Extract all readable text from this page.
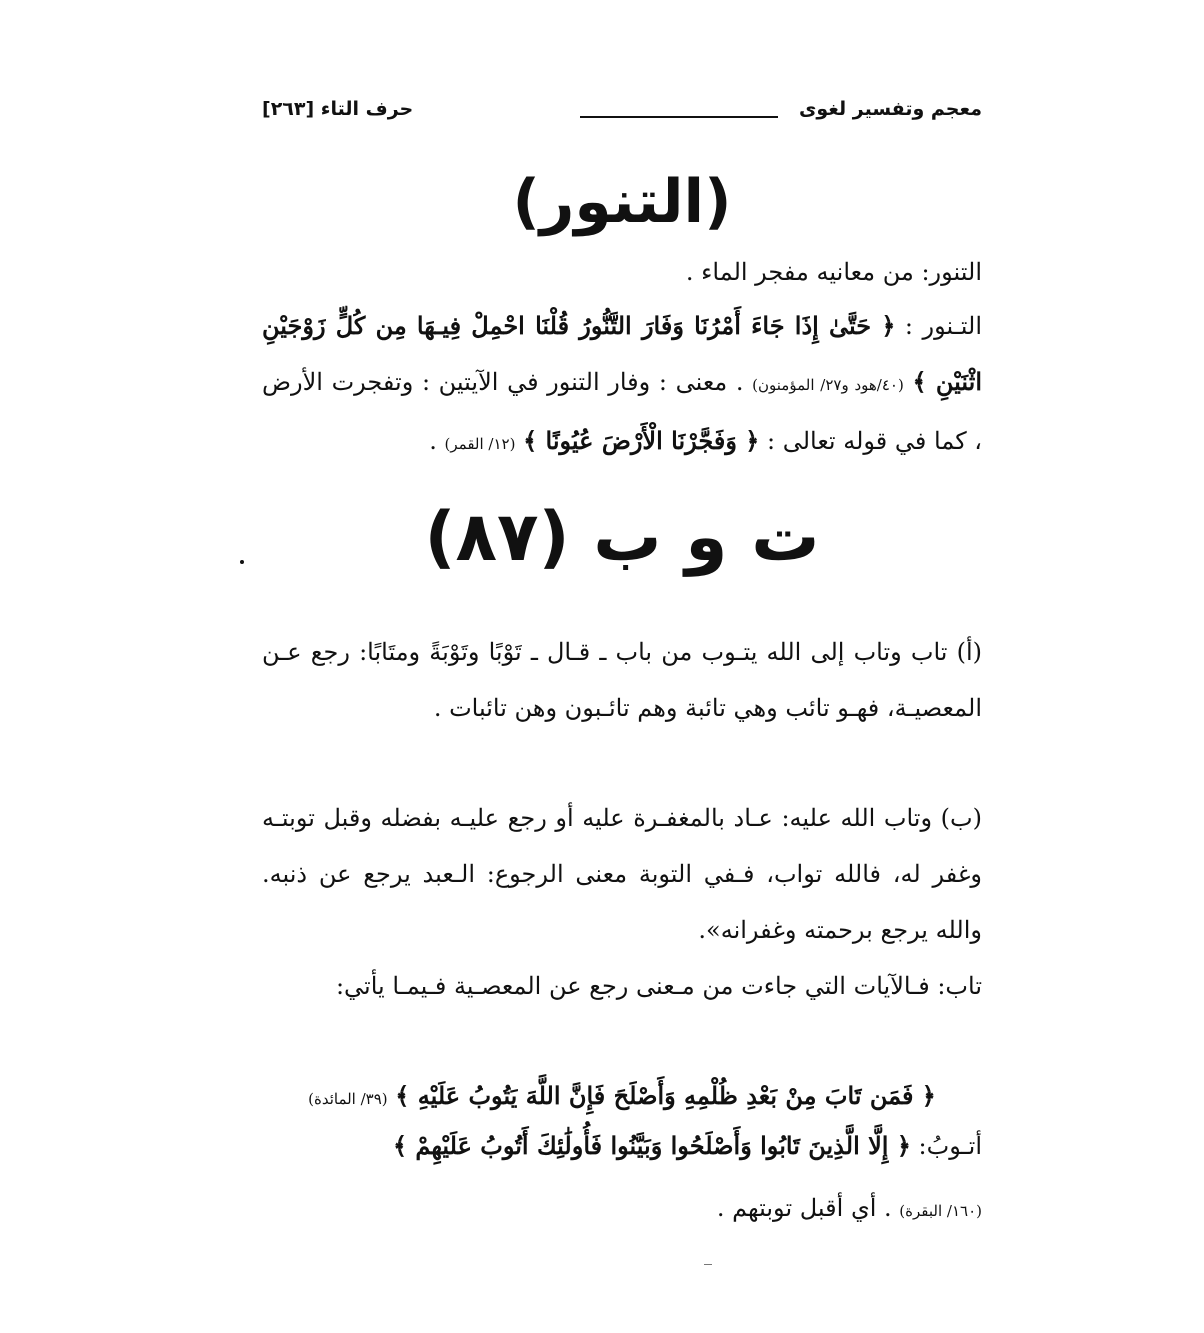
معجم وتفسير لغوى
حرف التاء [٢٦٣]
(التنور)
التنور: من معانيه مفجر الماء .
التـنور : ﴿ حَتَّىٰ إِذَا جَاءَ أَمْرُنَا وَفَارَ التَّنُّورُ قُلْنَا احْمِلْ فِيـهَا مِن كُلٍّ زَوْجَيْنِ اثْنَيْنِ ﴾ (٤٠/هود و٢٧/ المؤمنون) . معنى : وفار التنور في الآيتين : وتفجرت الأرض ، كما في قوله تعالى : ﴿ وَفَجَّرْنَا الْأَرْضَ عُيُونًا ﴾ (١٢/ القمر) .
ت و ب (٨٧)
(أ) تاب وتاب إلى الله يتـوب من باب ـ قـال ـ تَوْبًا وتَوْبَةً ومتَابًا: رجع عـن المعصيـة، فهـو تائب وهي تائبة وهم تائـبون وهن تائبات .
(ب) وتاب الله عليه: عـاد بالمغفـرة عليه أو رجع عليـه بفضله وقبل توبتـه وغفر له، فالله تواب، فـفي التوبة معنى الرجوع: الـعبد يرجع عن ذنبه. والله يرجع برحمته وغفرانه».
تاب: فـالآيات التي جاءت من مـعنى رجع عن المعصـية فـيمـا يأتي:
﴿ فَمَن تَابَ مِنْ بَعْدِ ظُلْمِهِ وَأَصْلَحَ فَإِنَّ اللَّهَ يَتُوبُ عَلَيْهِ ﴾ (٣٩/ المائدة)
أتـوبُ: ﴿ إِلَّا الَّذِينَ تَابُوا وَأَصْلَحُوا وَبَيَّنُوا فَأُولَٰئِكَ أَتُوبُ عَلَيْهِمْ ﴾
(١٦٠/ البقرة) . أي أقبل توبتهم .
